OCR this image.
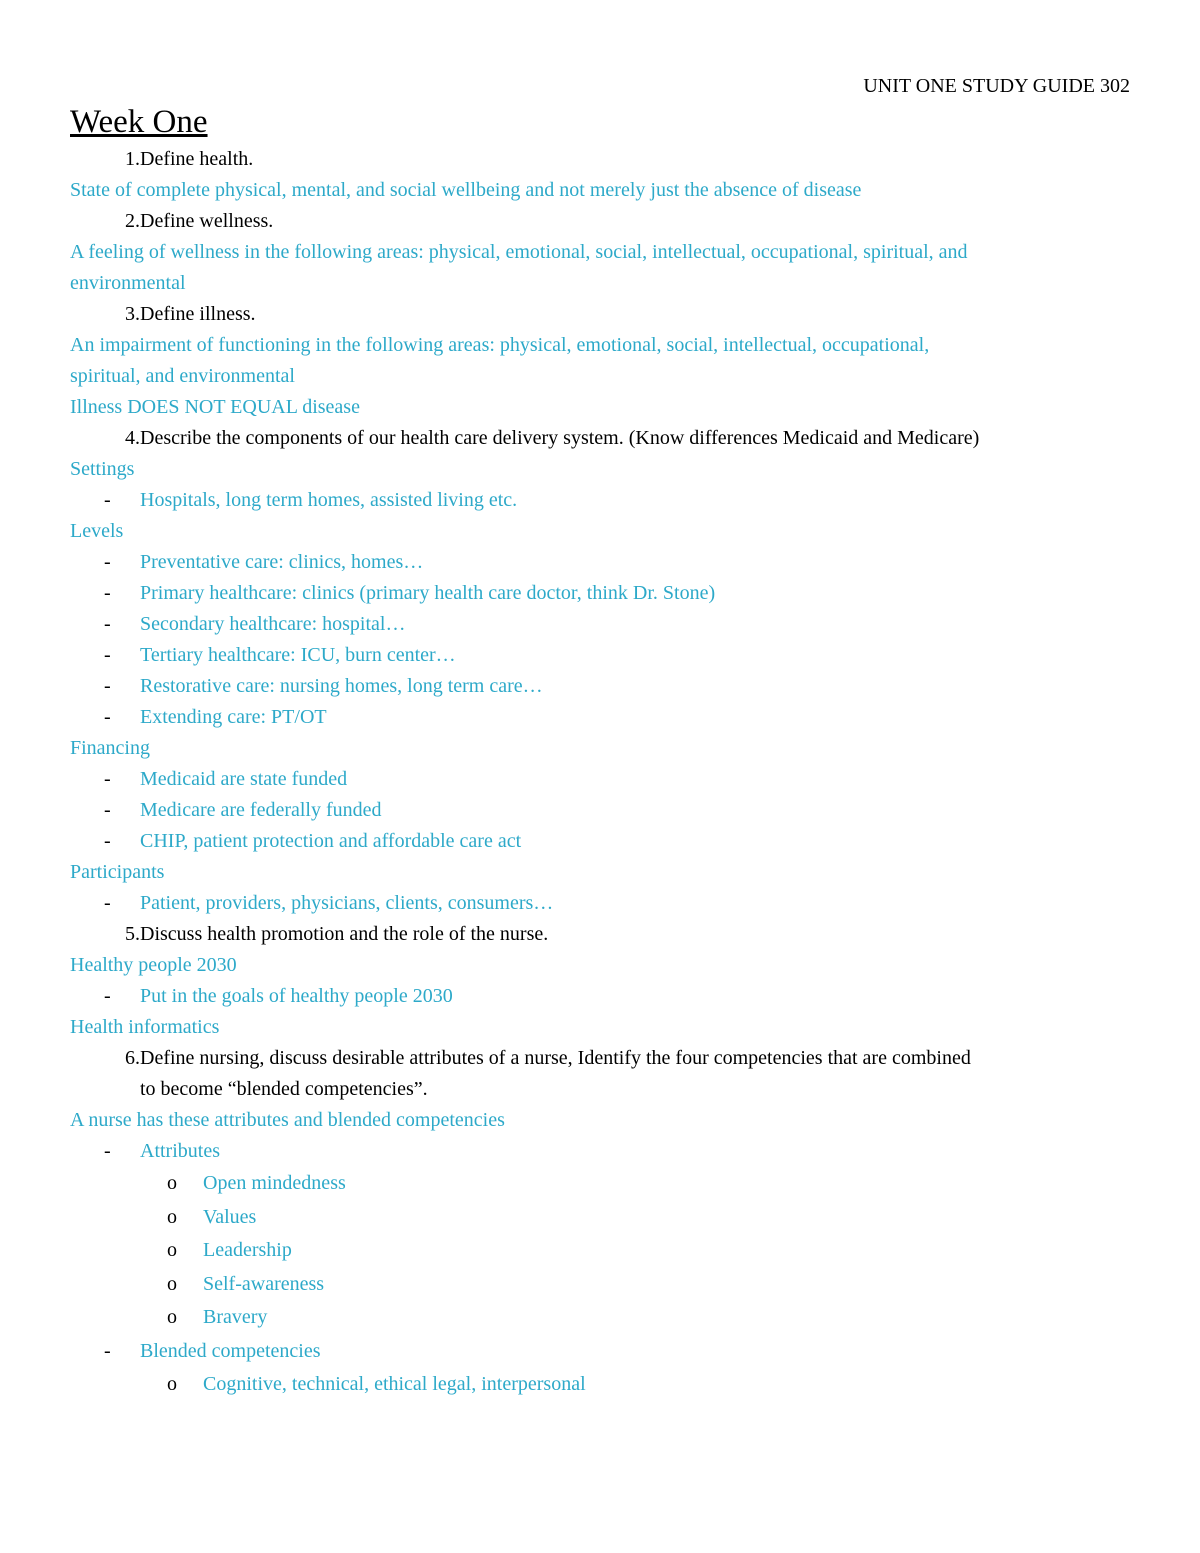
UNIT ONE STUDY GUIDE 302

Week One
1. Define health.

State of complete physical, mental, and social wellbeing and not merely just the absence of disease

2. Define wellness.

A feeling of wellness in the following areas: physical, emotional, social, intellectual, occupational, spiritual, and

environmental

3. Define illness.

An impairment of functioning in the following areas: physical, emotional, social, intellectual, occupational,

spiritual, and environmental

Illness DOES NOT EQUAL disease

4. Describe the components of our health care delivery system. (Know differences Medicaid and Medicare)

Settings

-	Hospitals, long term homes, assisted living etc.

Levels

-	Preventative care: clinics, homes…
-	Primary healthcare: clinics (primary health care doctor, think Dr. Stone)
-	Secondary healthcare: hospital…
-	Tertiary healthcare: ICU, burn center…
-	Restorative care: nursing homes, long term care…
-	Extending care: PT/OT

Financing

-	Medicaid are state funded
-	Medicare are federally funded
-	CHIP, patient protection and affordable care act

Participants

-	Patient, providers, physicians, clients, consumers…
5. Discuss health promotion and the role of the nurse.

Healthy people 2030

-	Put in the goals of healthy people 2030

Health informatics

6. Define nursing, discuss desirable attributes of a nurse, Identify the four competencies that are combined

to become “blended competencies”.

A nurse has these attributes and blended competencies

-	Attributes
o	Open mindedness
o	Values
o	Leadership
o	Self-awareness
o	Bravery
-	Blended competencies
o	Cognitive, technical, ethical legal, interpersonal
